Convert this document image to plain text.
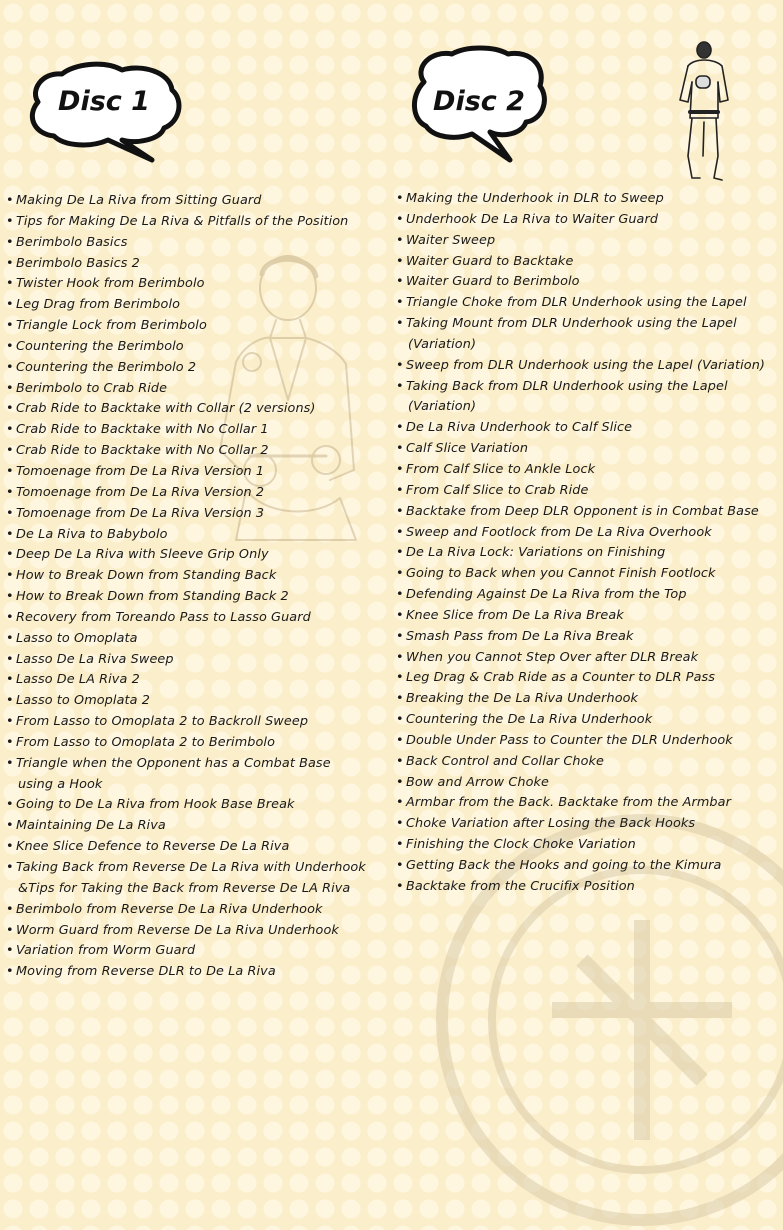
Disc 1	Disc 2
• Making De La Riva from Sitting Guard
• Tips for Making De La Riva & Pitfalls of the Position
• Berimbolo Basics
• Berimbolo Basics 2
• Twister Hook from Berimbolo
• Leg Drag from Berimbolo
• Triangle Lock from Berimbolo
• Countering the Berimbolo
• Countering the Berimbolo 2
• Berimbolo to Crab Ride
• Crab Ride to Backtake with Collar (2 versions)
• Crab Ride to Backtake with No Collar 1
• Crab Ride to Backtake with No Collar 2
• Tomoenage from De La Riva Version 1
• Tomoenage from De La Riva Version 2
• Tomoenage from De La Riva Version 3
• De La Riva to Babybolo
• Deep De La Riva with Sleeve Grip Only
• How to Break Down from Standing Back
• How to Break Down from Standing Back 2
• Recovery from Toreando Pass to Lasso Guard
• Lasso to Omoplata
• Lasso De La Riva Sweep
• Lasso De LA Riva 2
• Lasso to Omoplata 2
• From Lasso to Omoplata 2 to Backroll Sweep
• From Lasso to Omoplata 2 to Berimbolo
• Triangle when the Opponent has a Combat Base
using a Hook
• Going to De La Riva from Hook Base Break
• Maintaining De La Riva
• Knee Slice Defence to Reverse De La Riva
• Taking Back from Reverse De La Riva with Underhook
&Tips for Taking the Back from Reverse De LA Riva
• Berimbolo from Reverse De La Riva Underhook
• Worm Guard from Reverse De La Riva Underhook
• Variation from Worm Guard
• Moving from Reverse DLR to De La Riva
• Making the Underhook in DLR to Sweep
• Underhook De La Riva to Waiter Guard
• Waiter Sweep
• Waiter Guard to Backtake
• Waiter Guard to Berimbolo
• Triangle Choke from DLR Underhook using the Lapel
• Taking Mount from DLR Underhook using the Lapel
(Variation)
• Sweep from DLR Underhook using the Lapel (Variation)
• Taking Back from DLR Underhook using the Lapel
(Variation)
• De La Riva Underhook to Calf Slice
• Calf Slice Variation
• From Calf Slice to Ankle Lock
• From Calf Slice to Crab Ride
• Backtake from Deep DLR Opponent is in Combat Base
• Sweep and Footlock from De La Riva Overhook
• De La Riva Lock: Variations on Finishing
• Going to Back when you Cannot Finish Footlock
• Defending Against De La Riva from the Top
• Knee Slice from De La Riva Break
• Smash Pass from De La Riva Break
• When you Cannot Step Over after DLR Break
• Leg Drag & Crab Ride as a Counter to DLR Pass
• Breaking the De La Riva Underhook
• Countering the De La Riva Underhook
• Double Under Pass to Counter the DLR Underhook
• Back Control and Collar Choke
• Bow and Arrow Choke
• Armbar from the Back. Backtake from the Armbar
• Choke Variation after Losing the Back Hooks
• Finishing the Clock Choke Variation
• Getting Back the Hooks and going to the Kimura
• Backtake from the Crucifix Position
